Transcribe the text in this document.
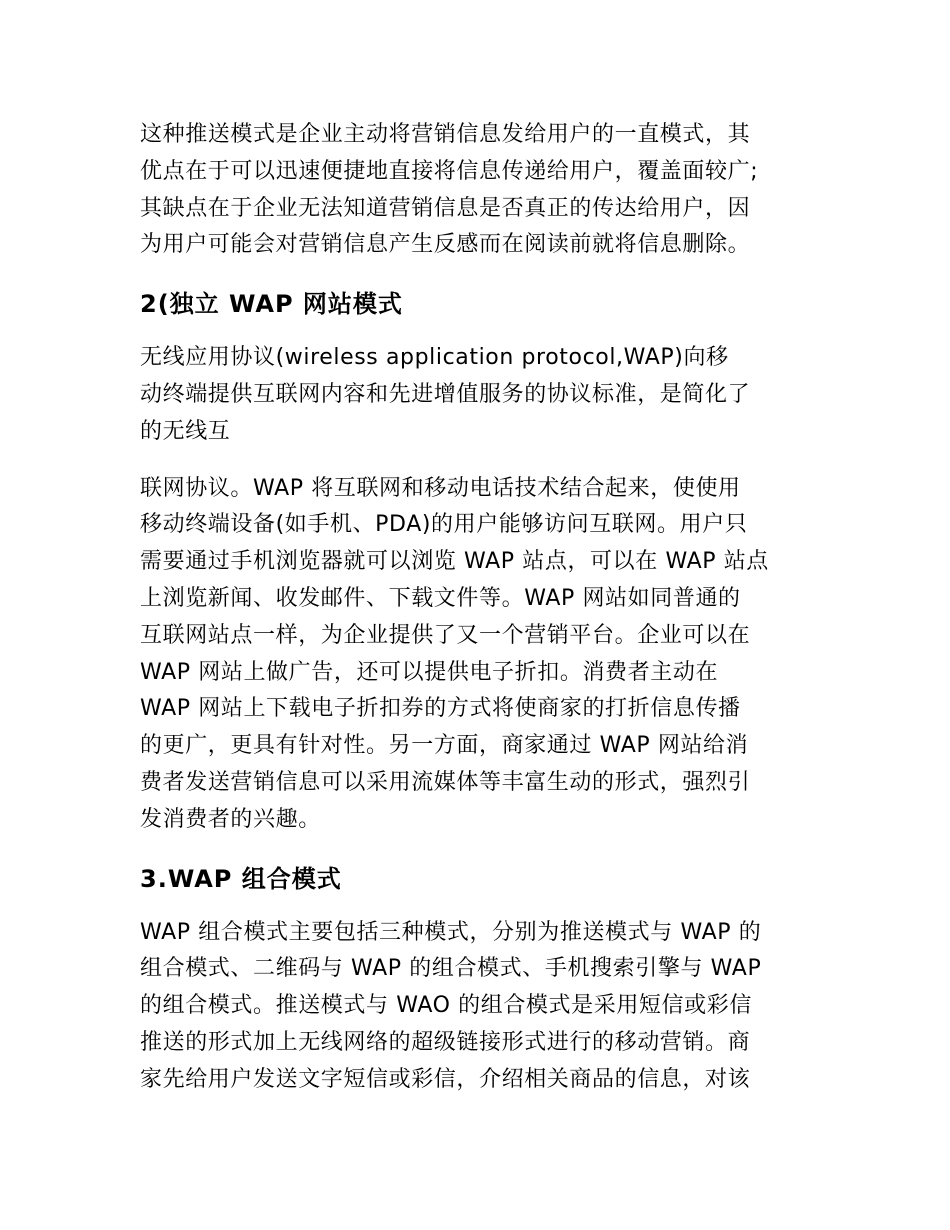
这种推送模式是企业主动将营销信息发给用户的一直模式，其
优点在于可以迅速便捷地直接将信息传递给用户，覆盖面较广;
其缺点在于企业无法知道营销信息是否真正的传达给用户，因
为用户可能会对营销信息产生反感而在阅读前就将信息删除。

2(独立 WAP 网站模式

无线应用协议(wireless application protocol,WAP)向移
动终端提供互联网内容和先进增值服务的协议标准，是简化了
的无线互

联网协议。WAP 将互联网和移动电话技术结合起来，使使用
移动终端设备(如手机、PDA)的用户能够访问互联网。用户只
需要通过手机浏览器就可以浏览 WAP 站点，可以在 WAP 站点
上浏览新闻、收发邮件、下载文件等。WAP 网站如同普通的
互联网站点一样，为企业提供了又一个营销平台。企业可以在
WAP 网站上做广告，还可以提供电子折扣。消费者主动在
WAP 网站上下载电子折扣券的方式将使商家的打折信息传播
的更广，更具有针对性。另一方面，商家通过 WAP 网站给消
费者发送营销信息可以采用流媒体等丰富生动的形式，强烈引
发消费者的兴趣。

3.WAP 组合模式

WAP 组合模式主要包括三种模式，分别为推送模式与 WAP 的
组合模式、二维码与 WAP 的组合模式、手机搜索引擎与 WAP
的组合模式。推送模式与 WAO 的组合模式是采用短信或彩信
推送的形式加上无线网络的超级链接形式进行的移动营销。商
家先给用户发送文字短信或彩信，介绍相关商品的信息，对该
